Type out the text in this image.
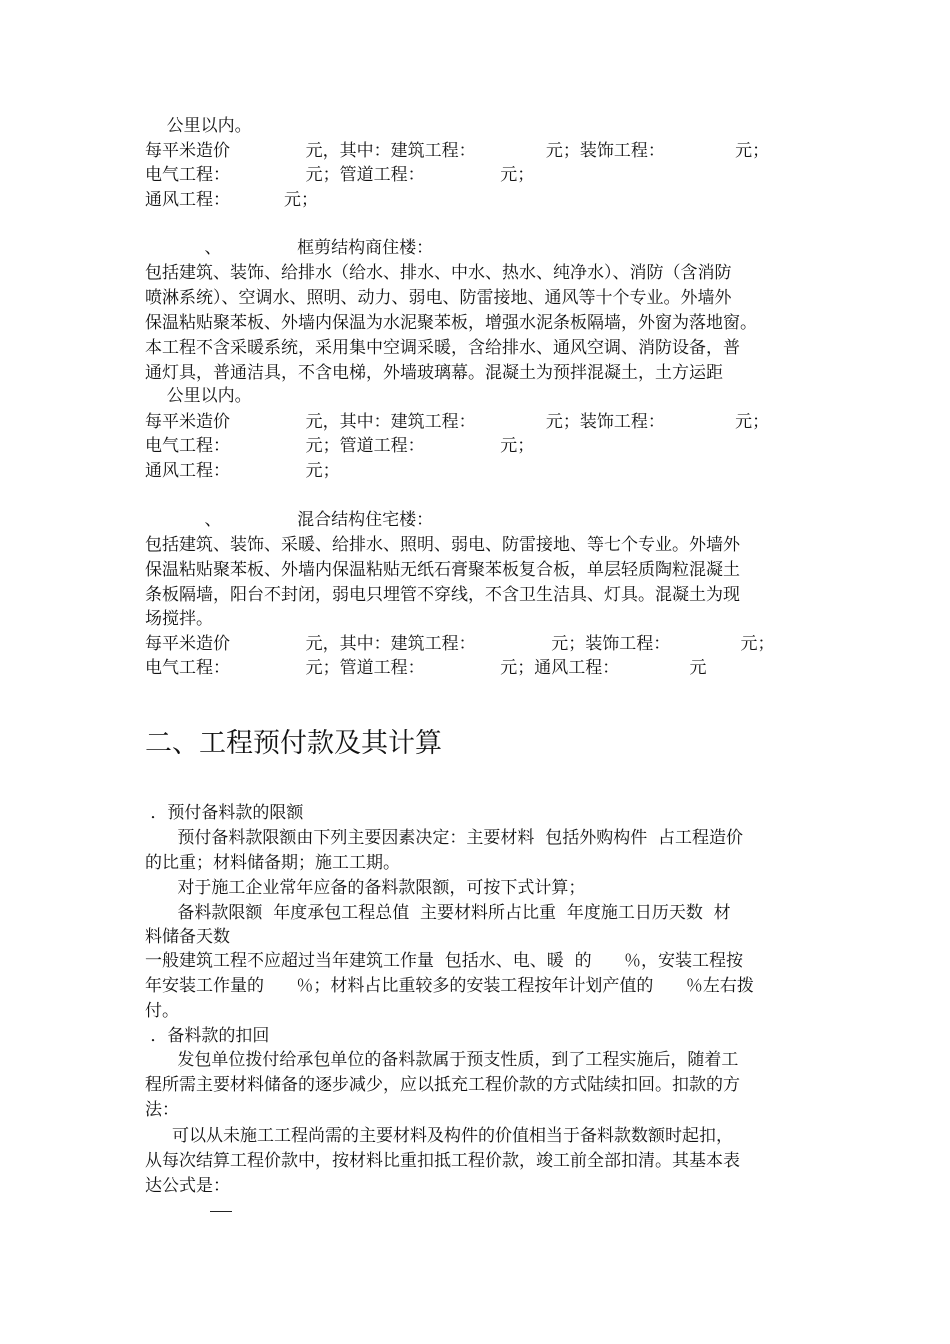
公里以内。
每平米造价              元，其中：建筑工程：             元；装饰工程：             元；
电气工程：              元；管道工程：              元；
通风工程：          元；
、              框剪结构商住楼：
包括建筑、装饰、给排水（给水、排水、中水、热水、纯净水）、消防（含消防
喷淋系统）、空调水、照明、动力、弱电、防雷接地、通风等十个专业。外墙外
保温粘贴聚苯板、外墙内保温为水泥聚苯板，增强水泥条板隔墙，外窗为落地窗。
本工程不含采暖系统，采用集中空调采暖，含给排水、通风空调、消防设备，普
通灯具，普通洁具，不含电梯，外墙玻璃幕。混凝土为预拌混凝土，土方运距
公里以内。
每平米造价              元，其中：建筑工程：             元；装饰工程：             元；
电气工程：              元；管道工程：              元；
通风工程：              元；
、              混合结构住宅楼：
包括建筑、装饰、采暖、给排水、照明、弱电、防雷接地、等七个专业。外墙外
保温粘贴聚苯板、外墙内保温粘贴无纸石膏聚苯板复合板，单层轻质陶粒混凝土
条板隔墙，阳台不封闭，弱电只埋管不穿线，不含卫生洁具、灯具。混凝土为现
场搅拌。
每平米造价              元，其中：建筑工程：              元；装饰工程：             元；
电气工程：              元；管道工程：              元；通风工程：             元
二、工程预付款及其计算
．预付备料款的限额
预付备料款限额由下列主要因素决定：主要材料  包括外购构件  占工程造价
的比重；材料储备期；施工工期。
对于施工企业常年应备的备料款限额，可按下式计算；
备料款限额  年度承包工程总值  主要材料所占比重  年度施工日历天数  材
料储备天数
一般建筑工程不应超过当年建筑工作量  包括水、电、暖  的      ％，安装工程按
年安装工作量的      ％；材料占比重较多的安装工程按年计划产值的      ％左右拨
付。
．备料款的扣回
发包单位拨付给承包单位的备料款属于预支性质，到了工程实施后，随着工
程所需主要材料储备的逐步减少，应以抵充工程价款的方式陆续扣回。扣款的方
法：
可以从未施工工程尚需的主要材料及构件的价值相当于备料款数额时起扣，
从每次结算工程价款中，按材料比重扣抵工程价款，竣工前全部扣清。其基本表
达公式是：
